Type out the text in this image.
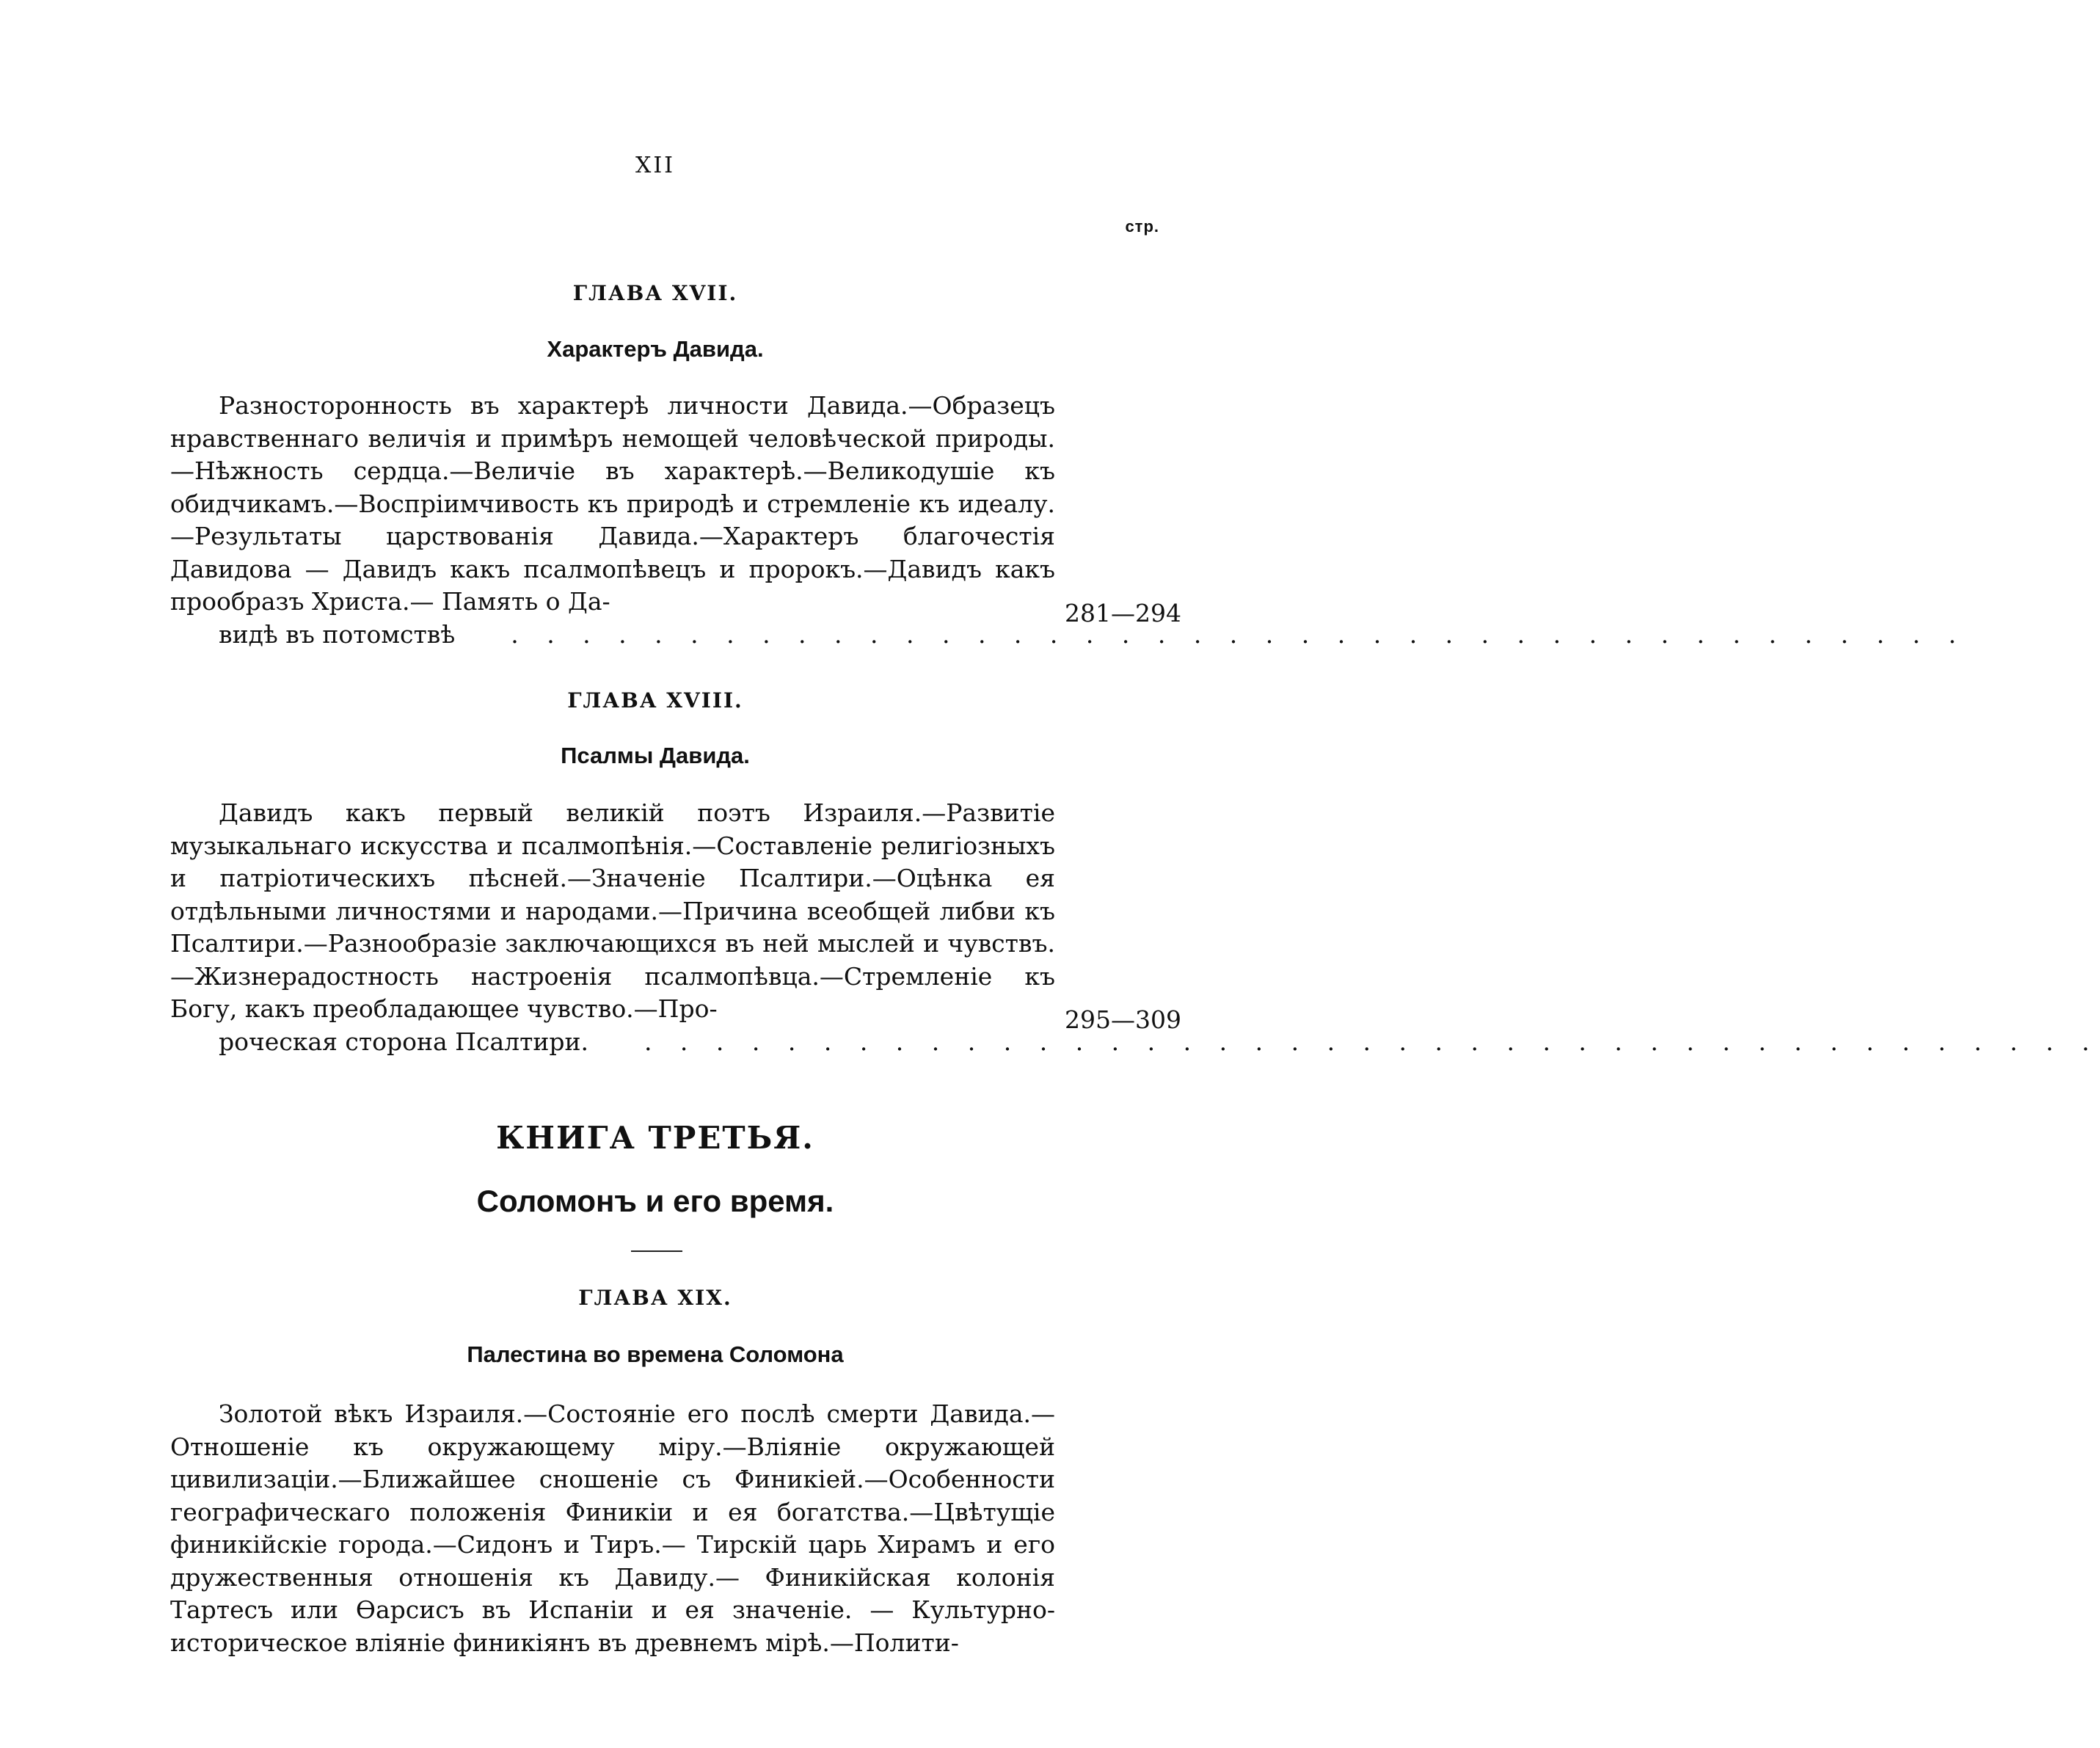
XII
стр.
ГЛАВА XVII.
Характеръ Давида.
Разносторонность въ характерѣ личности Давида.—Образецъ нравственнаго величія и примѣръ немощей человѣческой природы.—Нѣжность сердца.—Величіе въ характерѣ.—Великодушіе къ обидчикамъ.—Воспріимчивость къ природѣ и стремленіе къ идеалу.—Результаты царствованія Давида.—Характеръ благочестія Давидова — Давидъ какъ псалмопѣвецъ и пророкъ.—Давидъ какъ прообразъ Христа.— Память о Да-
видѣ въ потомствѣ	. . . . . . . . . . . . . . . . . . . . . . . . . . . . . . . . . . . . . . . . .
281—294
ГЛАВА XVIII.
Псалмы Давида.
Давидъ какъ первый великій поэтъ Израиля.—Развитіе музыкальнаго искусства и псалмопѣнія.—Составленіе религіозныхъ и патріотическихъ пѣсней.—Значеніе Псалтири.—Оцѣнка ея отдѣльными личностями и народами.—Причина всеобщей либви къ Псалтири.—Разнообразіе заключающихся въ ней мыслей и чувствъ.—Жизнерадостность настроенія псалмопѣвца.—Стремленіе къ Богу, какъ преобладающее чувство.—Про-
роческая сторона Псалтири.	. . . . . . . . . . . . . . . . . . . . . . . . . . . . . . . . . . . . . . . . .
295—309
КНИГА ТРЕТЬЯ.
Соломонъ и его время.
ГЛАВА XIX.
Палестина во времена Соломона
Золотой вѣкъ Израиля.—Состояніе его послѣ смерти Давида.—Отношеніе къ окружающему міру.—Вліяніе окружающей цивилизаціи.—Ближайшее сношеніе съ Финикіей.—Особенности географическаго положенія Финикіи и ея богатства.—Цвѣтущіе финикійскіе города.—Сидонъ и Тиръ.— Тирскій царь Хирамъ и его дружественныя отношенія къ Давиду.— Финикійская колонія Тартесъ или Ѳарсисъ въ Испаніи и ея значеніе. — Культурно-историческое вліяніе финикіянъ въ древнемъ мірѣ.—Полити-
